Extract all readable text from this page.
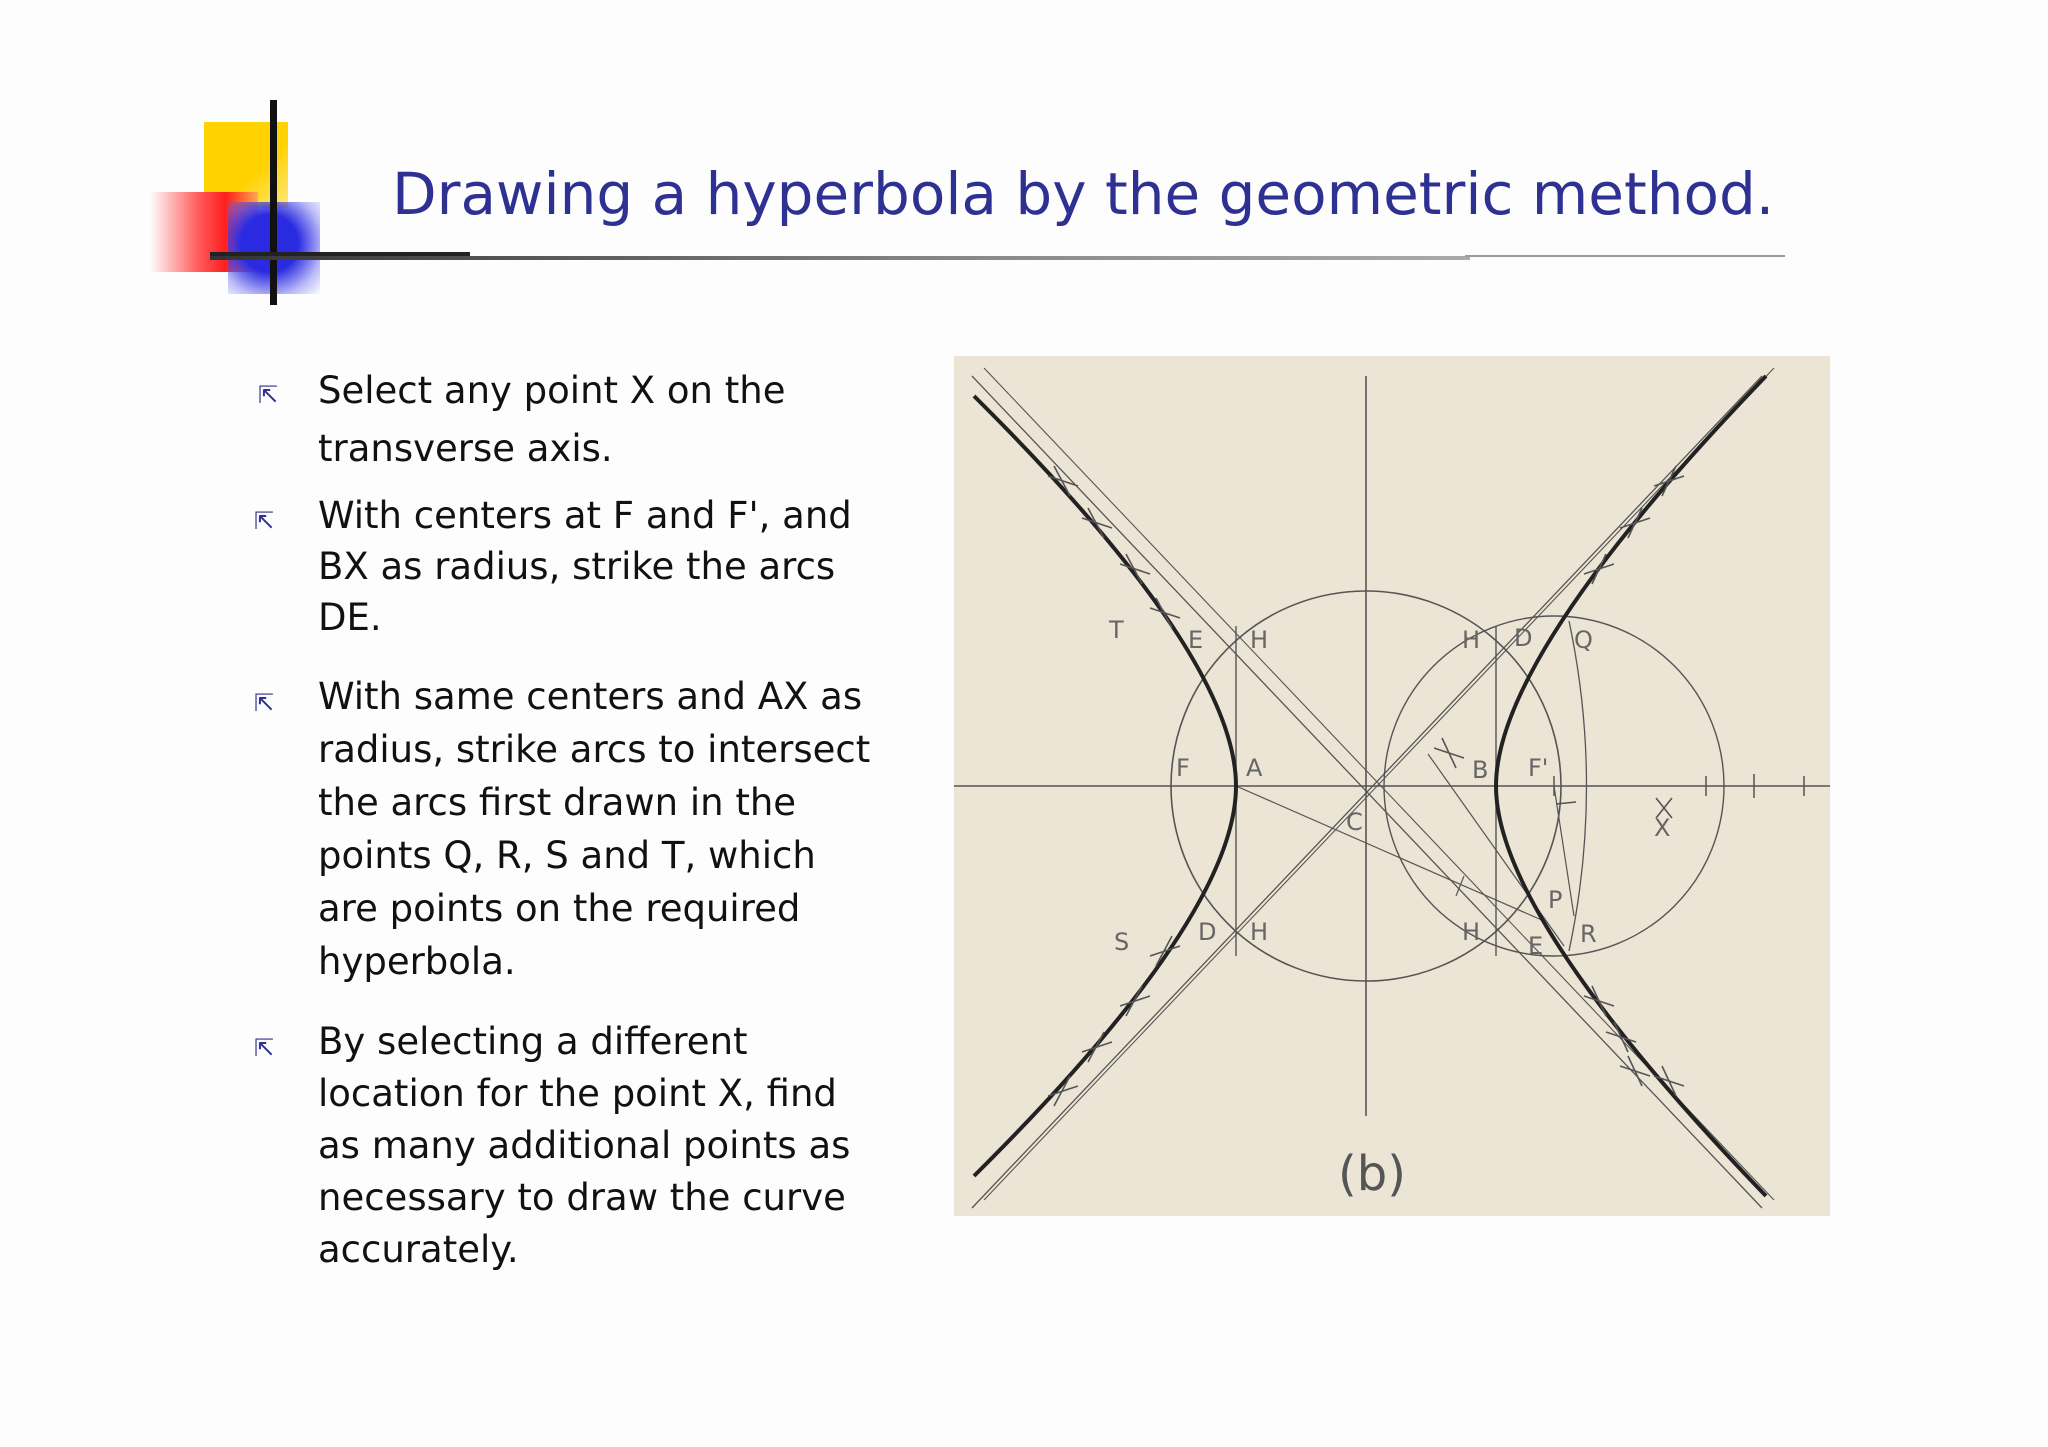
Drawing a hyperbola by the geometric method.
⇱ Select any point X on the transverse axis.
⇱ With centers at F and F', and BX as radius, strike the arcs DE.
⇱ With same centers and AX as radius, strike arcs to intersect the arcs first drawn in the points Q, R, S and T, which are points on the required hyperbola.
⇱ By selecting a different location for the point X, find as many additional points as necessary to draw the curve accurately.
T	E H	H D Q
F A	B F'
X
C
P
S	D H	H E R
(b)
